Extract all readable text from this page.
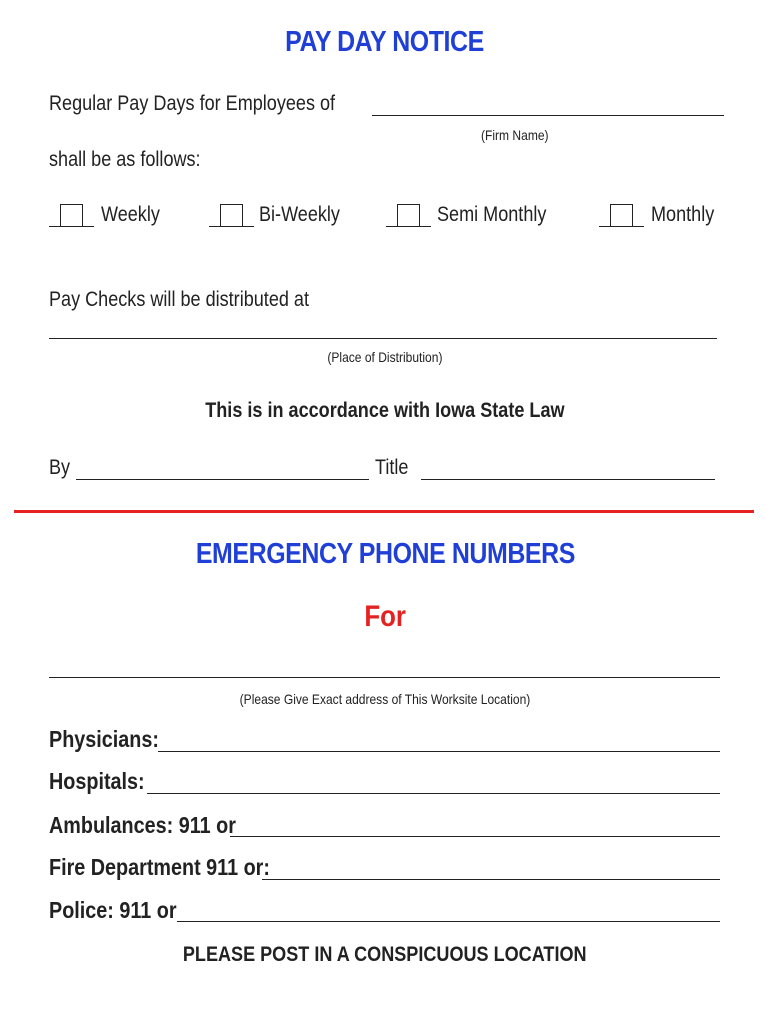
PAY DAY NOTICE
Regular Pay Days for Employees of
(Firm Name)
shall be as follows:
Weekly	Bi-Weekly	Semi Monthly	Monthly
Pay Checks will be distributed at
(Place of Distribution)
This is in accordance with Iowa State Law
By	Title
EMERGENCY PHONE NUMBERS
For
(Please Give Exact address of This Worksite Location)
Physicians:
Hospitals:
Ambulances: 911 or
Fire Department 911 or:
Police: 911 or
PLEASE POST IN A CONSPICUOUS LOCATION
